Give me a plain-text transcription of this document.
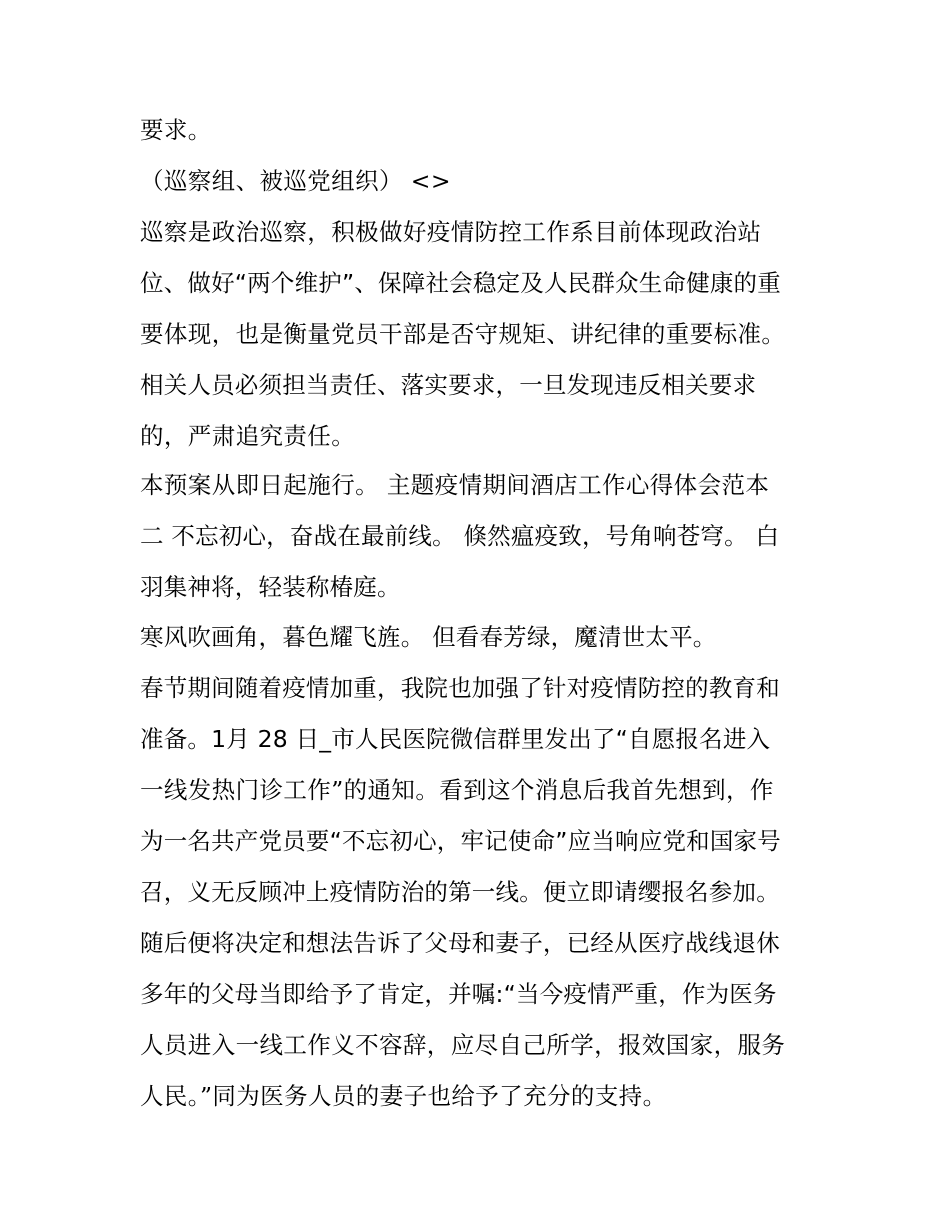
要求。
（巡察组、被巡党组织） <>
巡察是政治巡察，积极做好疫情防控工作系目前体现政治站
位、做好“两个维护”、保障社会稳定及人民群众生命健康的重
要体现，也是衡量党员干部是否守规矩、讲纪律的重要标准。
相关人员必须担当责任、落实要求，一旦发现违反相关要求
的，严肃追究责任。
本预案从即日起施行。 主题疫情期间酒店工作心得体会范本
二 不忘初心，奋战在最前线。 倏然瘟疫致，号角响苍穹。 白
羽集神将，轻装称椿庭。
寒风吹画角，暮色耀飞旌。 但看春芳绿，魔清世太平。
春节期间随着疫情加重，我院也加强了针对疫情防控的教育和
准备。1月 28 日_市人民医院微信群里发出了“自愿报名进入
一线发热门诊工作”的通知。看到这个消息后我首先想到，作
为一名共产党员要“不忘初心，牢记使命”应当响应党和国家号
召，义无反顾冲上疫情防治的第一线。便立即请缨报名参加。
随后便将决定和想法告诉了父母和妻子，已经从医疗战线退休
多年的父母当即给予了肯定，并嘱:“当今疫情严重，作为医务
人员进入一线工作义不容辞，应尽自己所学，报效国家，服务
人民。”同为医务人员的妻子也给予了充分的支持。
